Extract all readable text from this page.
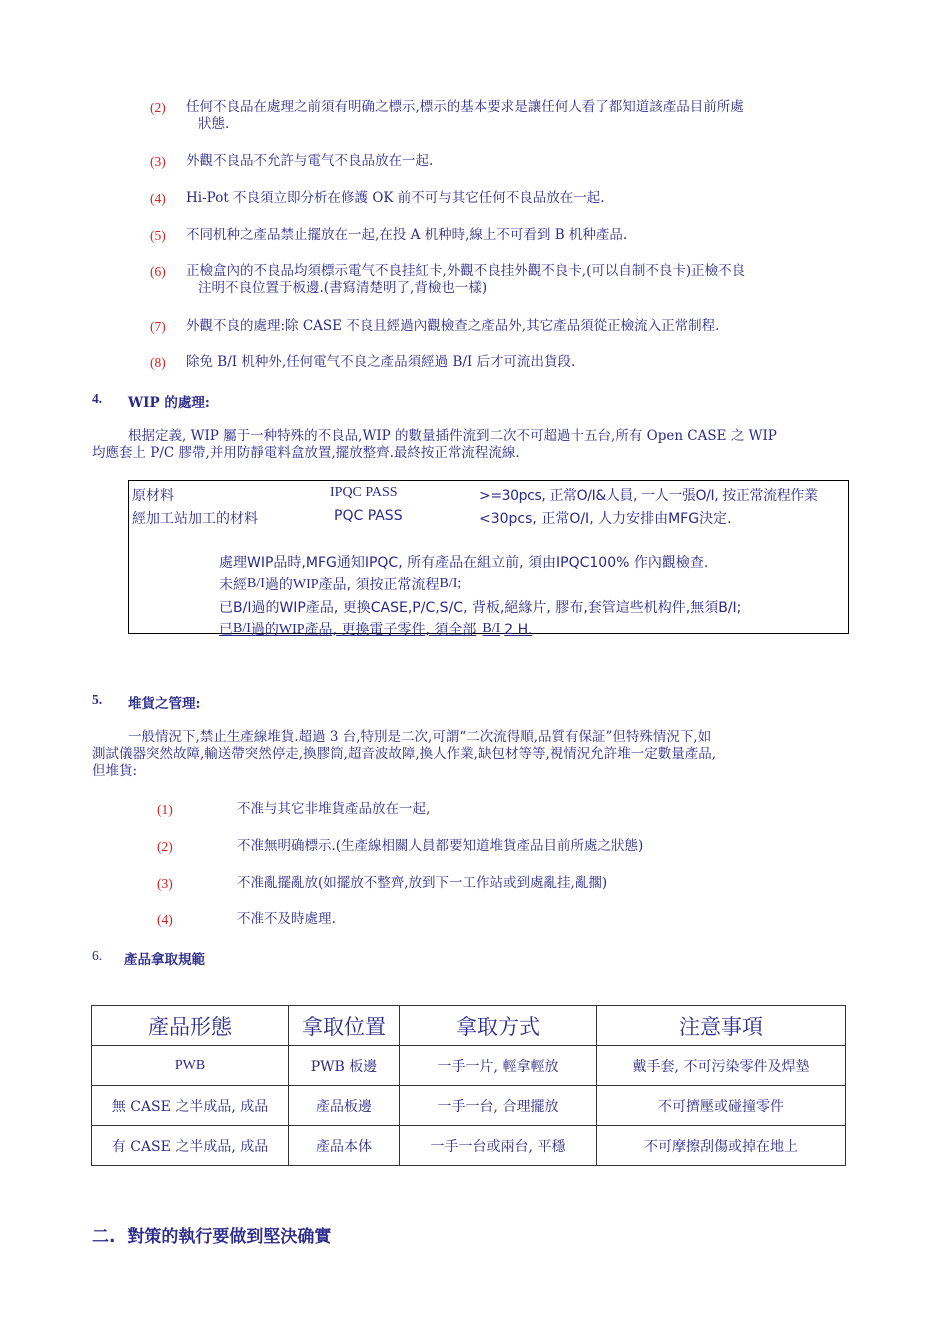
(2) 任何不良品在處理之前須有明确之標示,標示的基本要求是讓任何人看了都知道該產品目前所處
狀態.
(3) 外觀不良品不允許与電气不良品放在一起.
(4) Hi-Pot 不良須立即分析在修護 OK 前不可与其它任何不良品放在一起.
(5) 不同机种之產品禁止擺放在一起,在投 A 机种時,線上不可看到 B 机种產品.
(6) 正檢盒內的不良品均須標示電气不良挂紅卡,外觀不良挂外觀不良卡,(可以自制不良卡)正檢不良
注明不良位置于板邊.(書寫清楚明了,背檢也一樣)
(7) 外觀不良的處理:除 CASE 不良且經過內觀檢查之產品外,其它產品須從正檢流入正常制程.
(8) 除免 B/I 机种外,任何電气不良之產品須經過 B/I 后才可流出貨段.
4. WIP 的處理:
根据定義, WIP 屬于一种特殊的不良品,WIP 的數量插件流到二次不可超過十五台,所有 Open CASE 之 WIP
均應套上 P/C 膠帶,并用防靜電料盒放置,擺放整齊.最終按正常流程流線.
原材料	IPQC PASS	>=30pcs, 正常O/I&人員, 一人一張O/I, 按正常流程作業
經加工站加工的材料	PQC PASS	<30pcs, 正常O/I, 人力安排由MFG決定.
處理WIP品時,MFG通知IPQC, 所有產品在組立前, 須由IPQC100% 作內觀檢查.
未經B/I過的WIP產品, 須按正常流程B/I;
已B/I過的WIP產品, 更換CASE,P/C,S/C, 背板,絕緣片, 膠布,套管這些机构件,無須B/I;
已B/I過的WIP產品, 更換電子零件, 須全部 B/I 2 H.
5. 堆貨之管理:
一般情況下,禁止生產線堆貨.超過 3 台,特別是二次,可謂“二次流得順,品質有保証”但特殊情況下,如
測試儀器突然故障,輸送帶突然停走,換膠筒,超音波故障,換人作業,缺包材等等,視情況允許堆一定數量產品,
但堆貨:
(1)	不准与其它非堆貨產品放在一起,
(2)	不准無明确標示.(生產線相關人員都要知道堆貨產品目前所處之狀態)
(3)	不准亂擺亂放(如擺放不整齊,放到下一工作站或到處亂挂,亂擱)
(4)	不准不及時處理.
6. 產品拿取規範
產品形態	拿取位置	拿取方式	注意事項
PWB	PWB 板邊	一手一片, 輕拿輕放	戴手套, 不可污染零件及焊墊
無 CASE 之半成品, 成品	產品板邊	一手一台, 合理擺放	不可擠壓或碰撞零件
有 CASE 之半成品, 成品	產品本体	一手一台或兩台, 平穩	不可摩擦刮傷或掉在地上
二. 對策的執行要做到堅決确實
